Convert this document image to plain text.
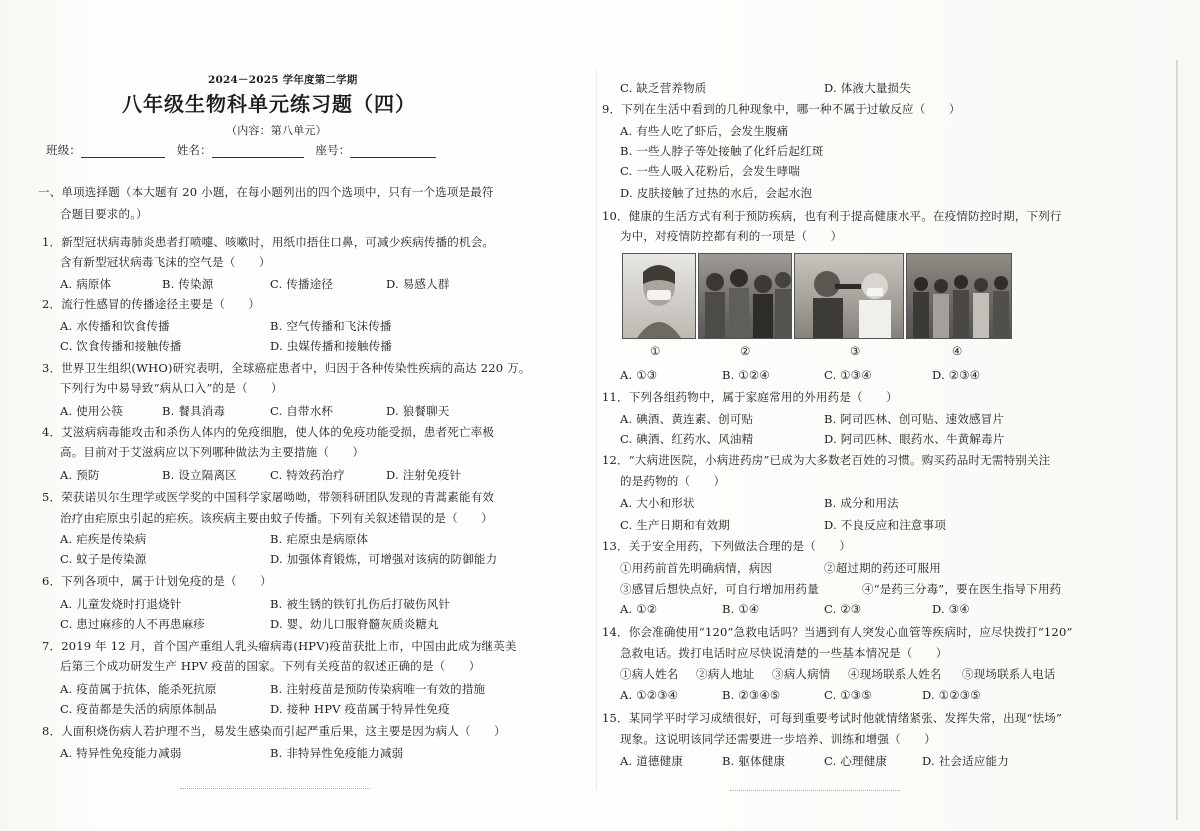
2024－2025 学年度第二学期
八年级生物科单元练习题（四）
（内容：第八单元）
班级：	姓名：	座号：
一、单项选择题（本大题有 20 小题，在每小题列出的四个选项中，只有一个选项是最符
合题目要求的。）
1．新型冠状病毒肺炎患者打喷嚏、咳嗽时，用纸巾捂住口鼻，可减少疾病传播的机会。
含有新型冠状病毒飞沫的空气是（　　）
A. 病原体	B. 传染源	C. 传播途径	D. 易感人群
2．流行性感冒的传播途径主要是（　　）
A. 水传播和饮食传播	B. 空气传播和飞沫传播
C. 饮食传播和接触传播	D. 虫媒传播和接触传播
3．世界卫生组织(WHO)研究表明，全球癌症患者中，归因于各种传染性疾病的高达 220 万。
下列行为中易导致“病从口入”的是（　　）
A. 使用公筷	B. 餐具消毒	C. 自带水杯	D. 狼餐聊天
4．艾滋病病毒能攻击和杀伤人体内的免疫细胞，使人体的免疫功能受损，患者死亡率极
高。目前对于艾滋病应以下列哪种做法为主要措施（　　）
A. 预防	B. 设立隔离区	C. 特效药治疗	D. 注射免疫针
5．荣获诺贝尔生理学或医学奖的中国科学家屠呦呦，带领科研团队发现的青蒿素能有效
治疗由疟原虫引起的疟疾。该疾病主要由蚊子传播。下列有关叙述错误的是（　　）
A. 疟疾是传染病	B. 疟原虫是病原体
C. 蚊子是传染源	D. 加强体育锻炼，可增强对该病的防御能力
6．下列各项中，属于计划免疫的是（　　）
A. 儿童发烧时打退烧针	B. 被生锈的铁钉扎伤后打破伤风针
C. 患过麻疹的人不再患麻疹	D. 婴、幼儿口服脊髓灰质炎糖丸
7．2019 年 12 月，首个国产重组人乳头瘤病毒(HPV)疫苗获批上市，中国由此成为继英美
后第三个成功研发生产 HPV 疫苗的国家。下列有关疫苗的叙述正确的是（　　）
A. 疫苗属于抗体，能杀死抗原	B. 注射疫苗是预防传染病唯一有效的措施
C. 疫苗都是失活的病原体制品	D. 接种 HPV 疫苗属于特异性免疫
8．人面积烧伤病人若护理不当，易发生感染而引起严重后果，这主要是因为病人（　　）
A. 特异性免疫能力减弱	B. 非特异性免疫能力减弱
C. 缺乏营养物质	D. 体液大量损失
9．下列在生活中看到的几种现象中，哪一种不属于过敏反应（　　）
A. 有些人吃了虾后，会发生腹痛
B. 一些人脖子等处接触了化纤后起红斑
C. 一些人吸入花粉后，会发生哮喘
D. 皮肤接触了过热的水后，会起水泡
10．健康的生活方式有利于预防疾病，也有利于提高健康水平。在疫情防控时期，下列行
为中，对疫情防控都有利的一项是（　　）
①	②	③	④
A. ①③	B. ①②④	C. ①③④	D. ②③④
11．下列各组药物中，属于家庭常用的外用药是（　　）
A. 碘酒、黄连素、创可贴	B. 阿司匹林、创可贴、速效感冒片
C. 碘酒、红药水、风油精	D. 阿司匹林、眼药水、牛黄解毒片
12．“大病进医院，小病进药房”已成为大多数老百姓的习惯。购买药品时无需特别关注
的是药物的（　　）
A. 大小和形状	B. 成分和用法
C. 生产日期和有效期	D. 不良反应和注意事项
13．关于安全用药，下列做法合理的是（　　）
①用药前首先明确病情，病因	②超过期的药还可服用
③感冒后想快点好，可自行增加用药量	④“是药三分毒”，要在医生指导下用药
A. ①②	B. ①④	C. ②③	D. ③④
14．你会准确使用“120”急救电话吗？当遇到有人突发心血管等疾病时，应尽快拨打“120”
急救电话。拨打电话时应尽快说清楚的一些基本情况是（　　）
①病人姓名 ②病人地址 ③病人病情 ④现场联系人姓名 ⑤现场联系人电话
A. ①②③④	B. ②③④⑤	C. ①③⑤	D. ①②③⑤
15．某同学平时学习成绩很好，可每到重要考试时他就情绪紧张、发挥失常，出现“怯场”
现象。这说明该同学还需要进一步培养、训练和增强（　　）
A. 道德健康	B. 躯体健康	C. 心理健康	D. 社会适应能力
